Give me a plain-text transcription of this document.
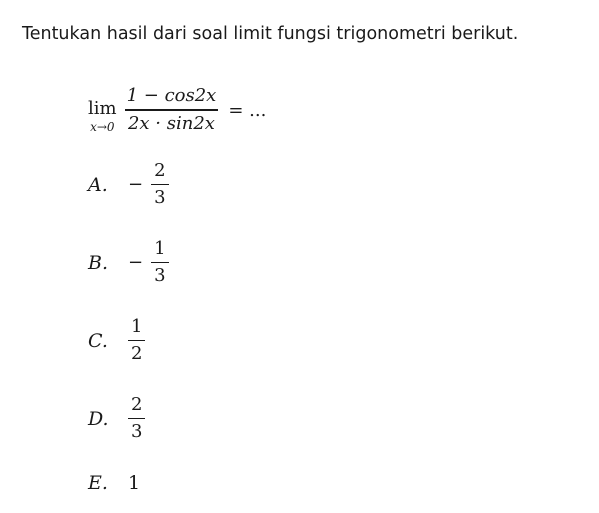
Tentukan hasil dari soal limit fungsi trigonometri berikut.
lim
$x\to 0 \frac{1 - \cos 2x}{2x \cdot \sin 2x}$ = ...
A.	− $\frac{2}{3}$
B.	− $\frac{1}{3}$
C.	$\frac{1}{2}$
D.	$\frac{2}{3}$
E.	1
